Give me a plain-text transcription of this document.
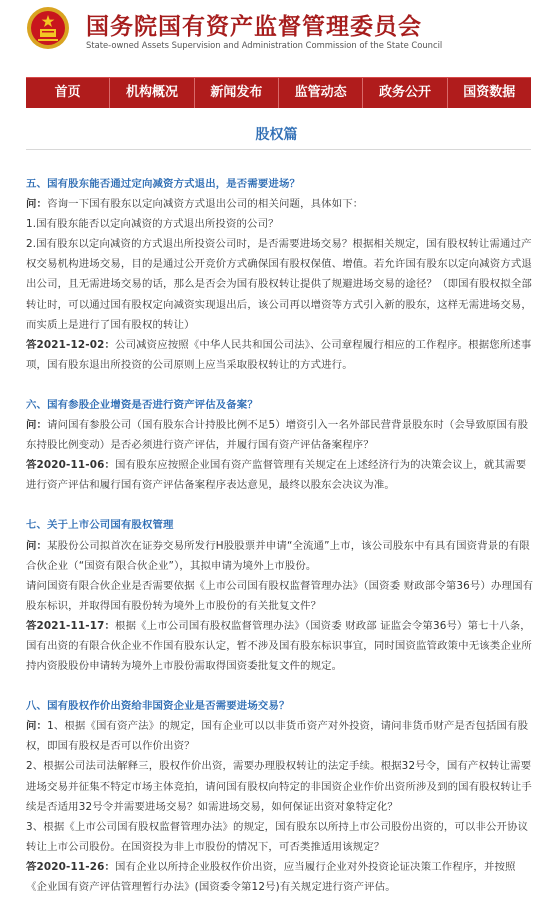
国务院国有资产监督管理委员会
State-owned Assets Supervision and Administration Commission of the State Council
首页	机构概况	新闻发布	监管动态	政务公开	国资数据
股权篇

五、国有股东能否通过定向减资方式退出，是否需要进场？

问：咨询一下国有股东以定向减资方式退出公司的相关问题，具体如下：

1.国有股东能否以定向减资的方式退出所投资的公司？

2.国有股东以定向减资的方式退出所投资公司时，是否需要进场交易？根据相关规定，国有股权转让需通过产权交易机构进场交易，目的是通过公开竞价方式确保国有股权保值、增值。若允许国有股东以定向减资方式退出公司，且无需进场交易的话，那么是否会为国有股权转让提供了规避进场交易的途径？（即国有股权拟全部转让时，可以通过国有股权定向减资实现退出后，该公司再以增资等方式引入新的股东，这样无需进场交易，而实质上是进行了国有股权的转让）

答2021-12-02：公司减资应按照《中华人民共和国公司法》、公司章程履行相应的工作程序。根据您所述事项，国有股东退出所投资的公司原则上应当采取股权转让的方式进行。

六、国有参股企业增资是否进行资产评估及备案？

问：请问国有参股公司（国有股东合计持股比例不足5）增资引入一名外部民营背景股东时（会导致原国有股东持股比例变动）是否必须进行资产评估，并履行国有资产评估备案程序？

答2020-11-06：国有股东应按照企业国有资产监督管理有关规定在上述经济行为的决策会议上，就其需要进行资产评估和履行国有资产评估备案程序表达意见，最终以股东会决议为准。

七、关于上市公司国有股权管理

问：某股份公司拟首次在证券交易所发行H股股票并申请“全流通”上市，该公司股东中有具有国资背景的有限合伙企业（“国资有限合伙企业”），其拟申请为境外上市股份。

请问国资有限合伙企业是否需要依据《上市公司国有股权监督管理办法》（国资委 财政部令第36号）办理国有股东标识，并取得国有股份转为境外上市股份的有关批复文件？

答2021-11-17：根据《上市公司国有股权监督管理办法》（国资委 财政部 证监会令第36号）第七十八条，国有出资的有限合伙企业不作国有股东认定，暂不涉及国有股东标识事宜，同时国资监管政策中无该类企业所持内资股股份申请转为境外上市股份需取得国资委批复文件的规定。

八、国有股权作价出资给非国资企业是否需要进场交易？

问：1、根据《国有资产法》的规定，国有企业可以以非货币资产对外投资，请问非货币财产是否包括国有股权，即国有股权是否可以作价出资？

2、根据公司法司法解释三，股权作价出资，需要办理股权转让的法定手续。根据32号令，国有产权转让需要进场交易并征集不特定市场主体竞拍，请问国有股权向特定的非国资企业作价出资所涉及到的国有股权转让手续是否适用32号令并需要进场交易？如需进场交易，如何保证出资对象特定化？

3、根据《上市公司国有股权监督管理办法》的规定，国有股东以所持上市公司股份出资的，可以非公开协议转让上市公司股份。在国资投为非上市股份的情况下，可否类推适用该规定？

答2020-11-26：国有企业以所持企业股权作价出资，应当履行企业对外投资论证决策工作程序，并按照《企业国有资产评估管理暂行办法》(国资委令第12号)有关规定进行资产评估。
